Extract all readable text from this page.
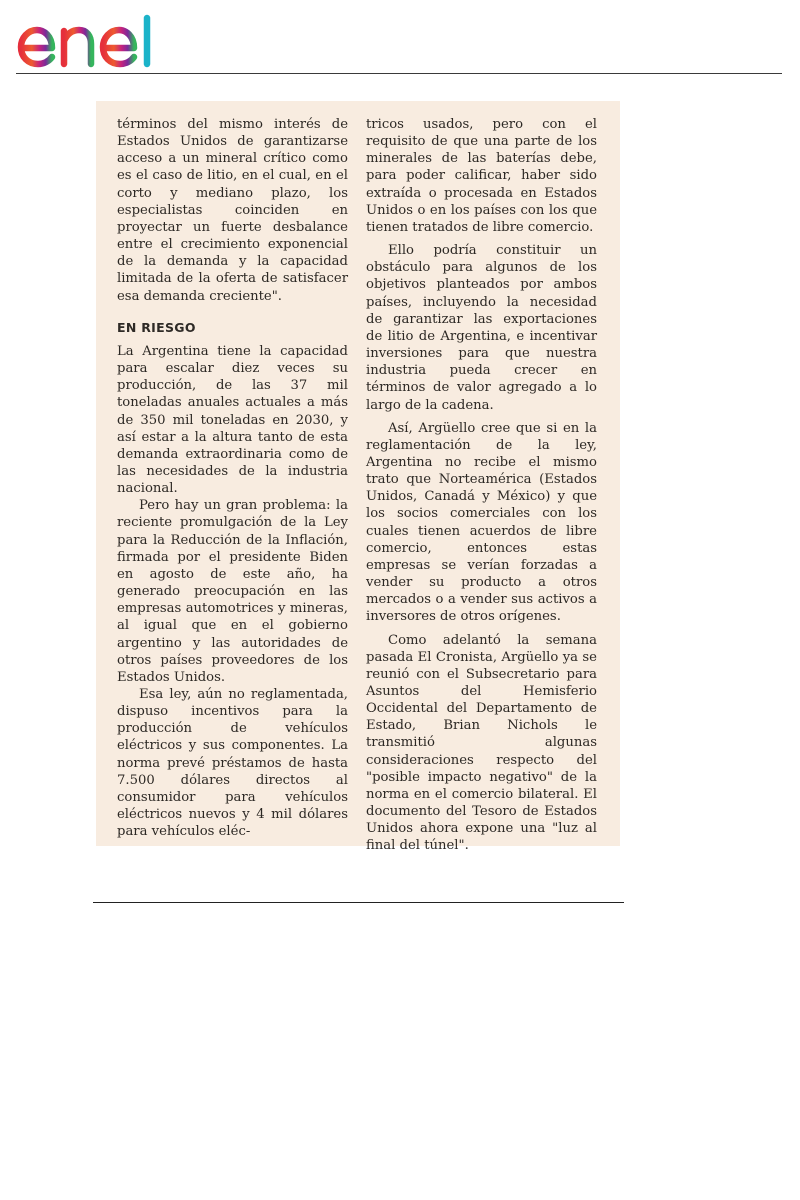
términos del mismo interés de Estados Unidos de garantizarse acceso a un mineral crítico como es el caso de litio, en el cual, en el corto y mediano plazo, los especialistas coinciden en proyectar un fuerte desbalance entre el crecimiento exponencial de la demanda y la capacidad limitada de la oferta de satisfacer esa demanda creciente".

EN RIESGO

La Argentina tiene la capacidad para escalar diez veces su producción, de las 37 mil toneladas anuales actuales a más de 350 mil toneladas en 2030, y así estar a la altura tanto de esta demanda extraordinaria como de las necesidades de la industria nacional.

Pero hay un gran problema: la reciente promulgación de la Ley para la Reducción de la Inflación, firmada por el presidente Biden en agosto de este año, ha generado preocupación en las empresas automotrices y mineras, al igual que en el gobierno argentino y las autoridades de otros países proveedores de los Estados Unidos.

Esa ley, aún no reglamentada, dispuso incentivos para la producción de vehículos eléctricos y sus componentes. La norma prevé préstamos de hasta 7.500 dólares directos al consumidor para vehículos eléctricos nuevos y 4 mil dólares para vehículos eléc-

tricos usados, pero con el requisito de que una parte de los minerales de las baterías debe, para poder calificar, haber sido extraída o procesada en Estados Unidos o en los países con los que tienen tratados de libre comercio.

Ello podría constituir un obstáculo para algunos de los objetivos planteados por ambos países, incluyendo la necesidad de garantizar las exportaciones de litio de Argentina, e incentivar inversiones para que nuestra industria pueda crecer en términos de valor agregado a lo largo de la cadena.

Así, Argüello cree que si en la reglamentación de la ley, Argentina no recibe el mismo trato que Norteamérica (Estados Unidos, Canadá y México) y que los socios comerciales con los cuales tienen acuerdos de libre comercio, entonces estas empresas se verían forzadas a vender su producto a otros mercados o a vender sus activos a inversores de otros orígenes.

Como adelantó la semana pasada El Cronista, Argüello ya se reunió con el Subsecretario para Asuntos del Hemisferio Occidental del Departamento de Estado, Brian Nichols le transmitió algunas consideraciones respecto del "posible impacto negativo" de la norma en el comercio bilateral. El documento del Tesoro de Estados Unidos ahora expone una "luz al final del túnel".
